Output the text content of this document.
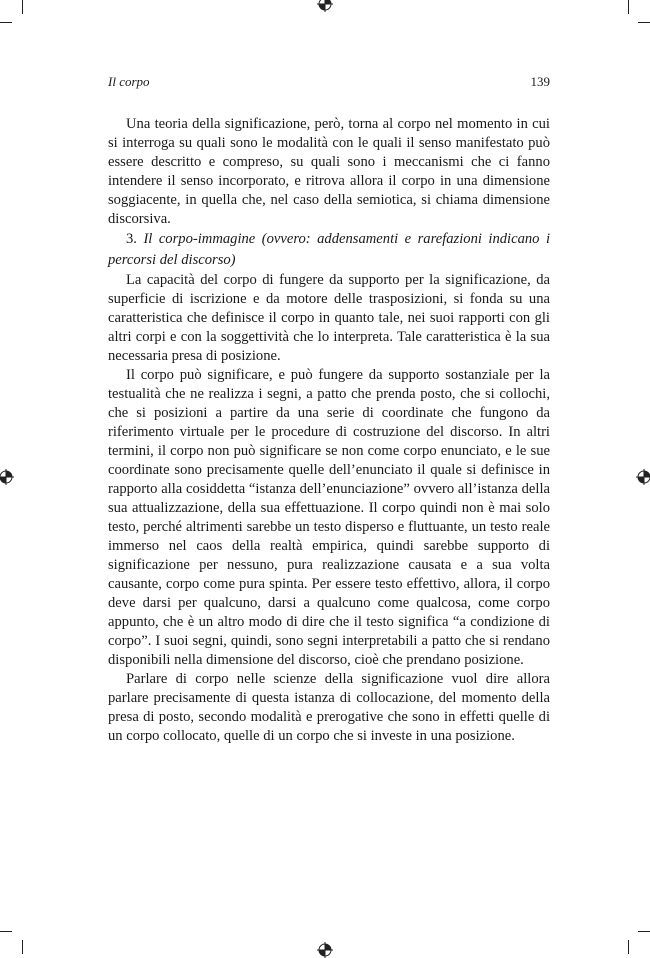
Il corpo	139

Una teoria della significazione, però, torna al corpo nel momento in cui si interroga su quali sono le modalità con le quali il senso manifestato può essere descritto e compreso, su quali sono i meccanismi che ci fanno intendere il senso incorporato, e ritrova allora il corpo in una dimensione soggiacente, in quella che, nel caso della semiotica, si chiama dimensione discorsiva.

3. Il corpo-immagine (ovvero: addensamenti e rarefazioni indicano i percorsi del discorso)

La capacità del corpo di fungere da supporto per la significazione, da superficie di iscrizione e da motore delle trasposizioni, si fonda su una caratteristica che definisce il corpo in quanto tale, nei suoi rapporti con gli altri corpi e con la soggettività che lo interpreta. Tale caratteristica è la sua necessaria presa di posizione.

Il corpo può significare, e può fungere da supporto sostanziale per la testualità che ne realizza i segni, a patto che prenda posto, che si collochi, che si posizioni a partire da una serie di coordinate che fungono da riferimento virtuale per le procedure di costruzione del discorso. In altri termini, il corpo non può significare se non come corpo enunciato, e le sue coordinate sono precisamente quelle dell’enunciato il quale si definisce in rapporto alla cosiddetta “istanza dell’enunciazione” ovvero all’istanza della sua attualizzazione, della sua effettuazione. Il corpo quindi non è mai solo testo, perché altrimenti sarebbe un testo disperso e fluttuante, un testo reale immerso nel caos della realtà empirica, quindi sarebbe supporto di significazione per nessuno, pura realizzazione causata e a sua volta causante, corpo come pura spinta. Per essere testo effettivo, allora, il corpo deve darsi per qualcuno, darsi a qualcuno come qualcosa, come corpo appunto, che è un altro modo di dire che il testo significa “a condizione di corpo”. I suoi segni, quindi, sono segni interpretabili a patto che si rendano disponibili nella dimensione del discorso, cioè che prendano posizione.

Parlare di corpo nelle scienze della significazione vuol dire allora parlare precisamente di questa istanza di collocazione, del momento della presa di posto, secondo modalità e prerogative che sono in effetti quelle di un corpo collocato, quelle di un corpo che si investe in una posizione.
